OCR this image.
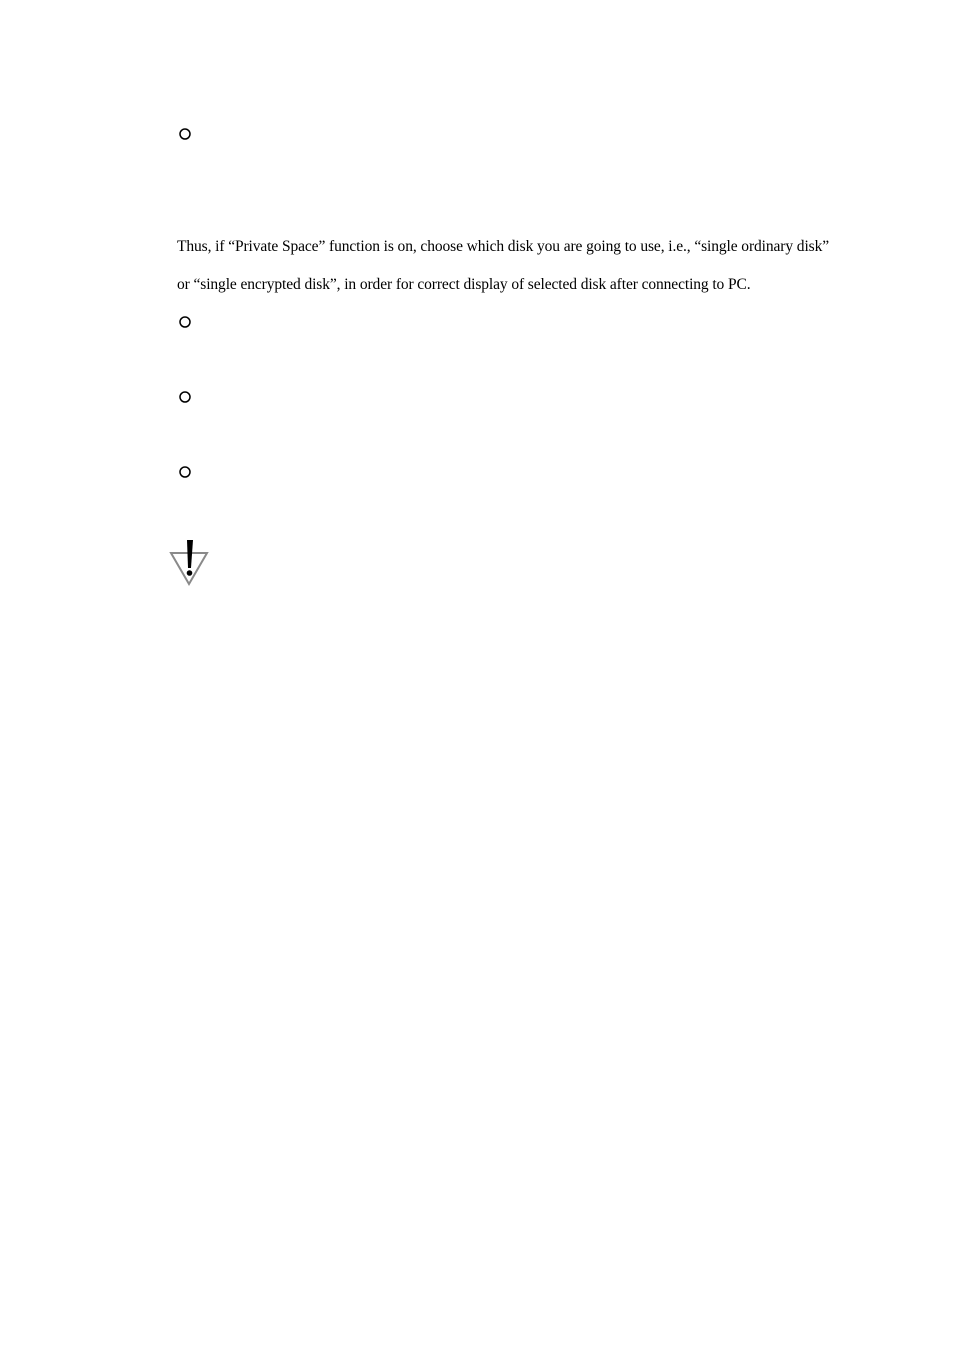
Thus, if “Private Space” function is on, choose which disk you are going to use, i.e., “single ordinary disk”
or “single encrypted disk”, in order for correct display of selected disk after connecting to PC.
